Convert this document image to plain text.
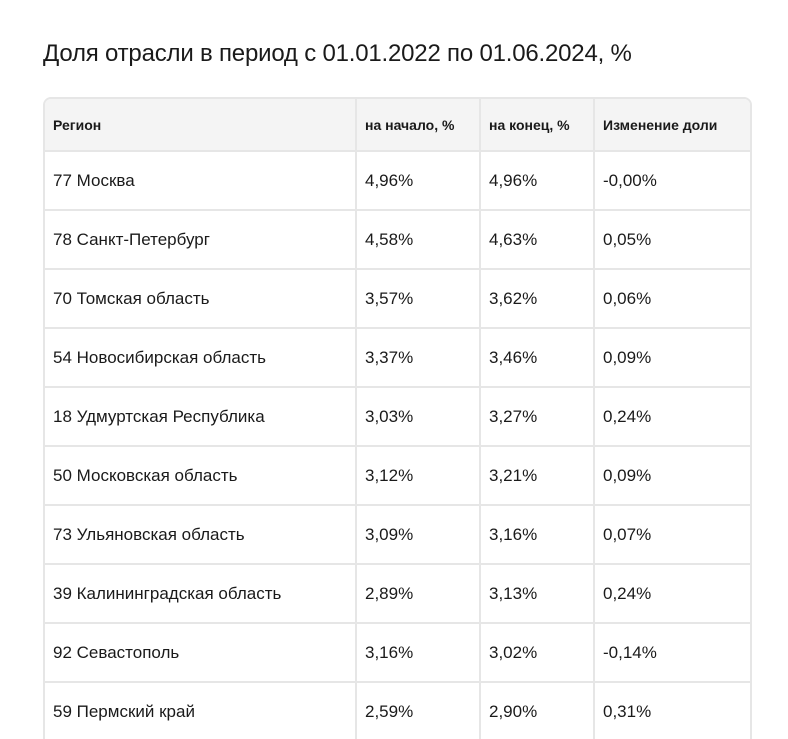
Доля отрасли в период с 01.01.2022 по 01.06.2024, %
Регион	на начало, %	на конец, %	Изменение доли
77 Москва	4,96%	4,96%	-0,00%
78 Санкт-Петербург	4,58%	4,63%	0,05%
70 Томская область	3,57%	3,62%	0,06%
54 Новосибирская область	3,37%	3,46%	0,09%
18 Удмуртская Республика	3,03%	3,27%	0,24%
50 Московская область	3,12%	3,21%	0,09%
73 Ульяновская область	3,09%	3,16%	0,07%
39 Калининградская область	2,89%	3,13%	0,24%
92 Севастополь	3,16%	3,02%	-0,14%
59 Пермский край	2,59%	2,90%	0,31%
